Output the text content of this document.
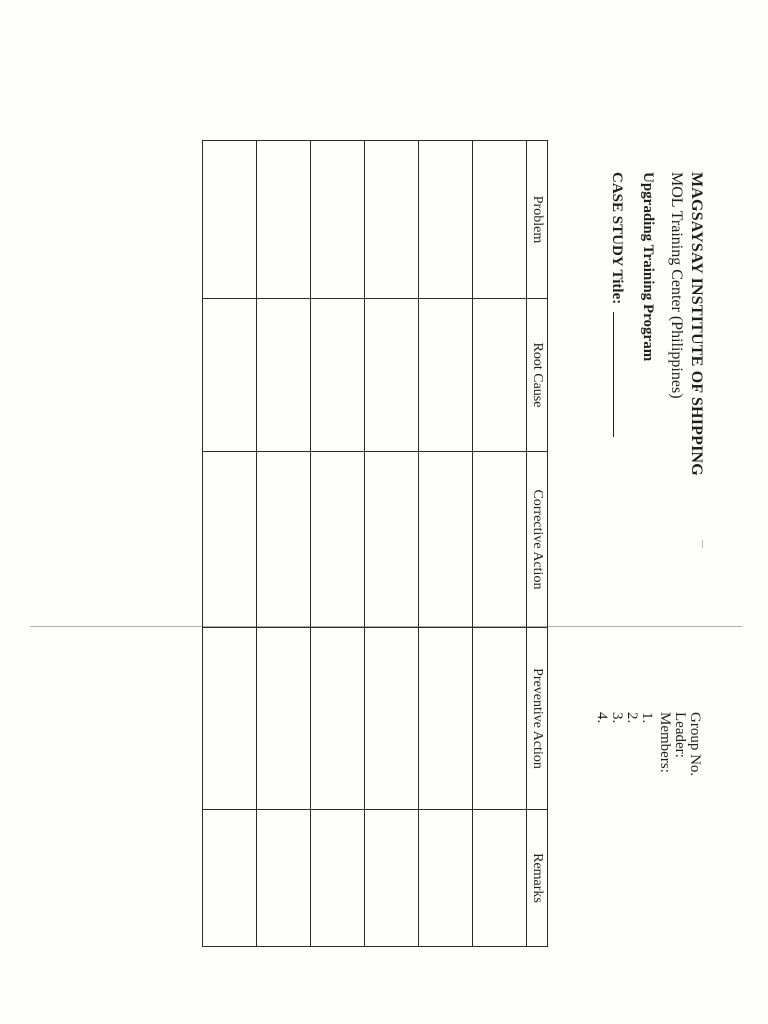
MAGSAYSAY INSTITUTE OF SHIPPING
MOL Training Center (Philippines)
Upgrading Training Program
CASE STUDY Title:
Group No.
Leader:
Members:
1.
2.
3.
4.
Problem	Root Cause	Corrective Action	Preventive Action	Remarks
